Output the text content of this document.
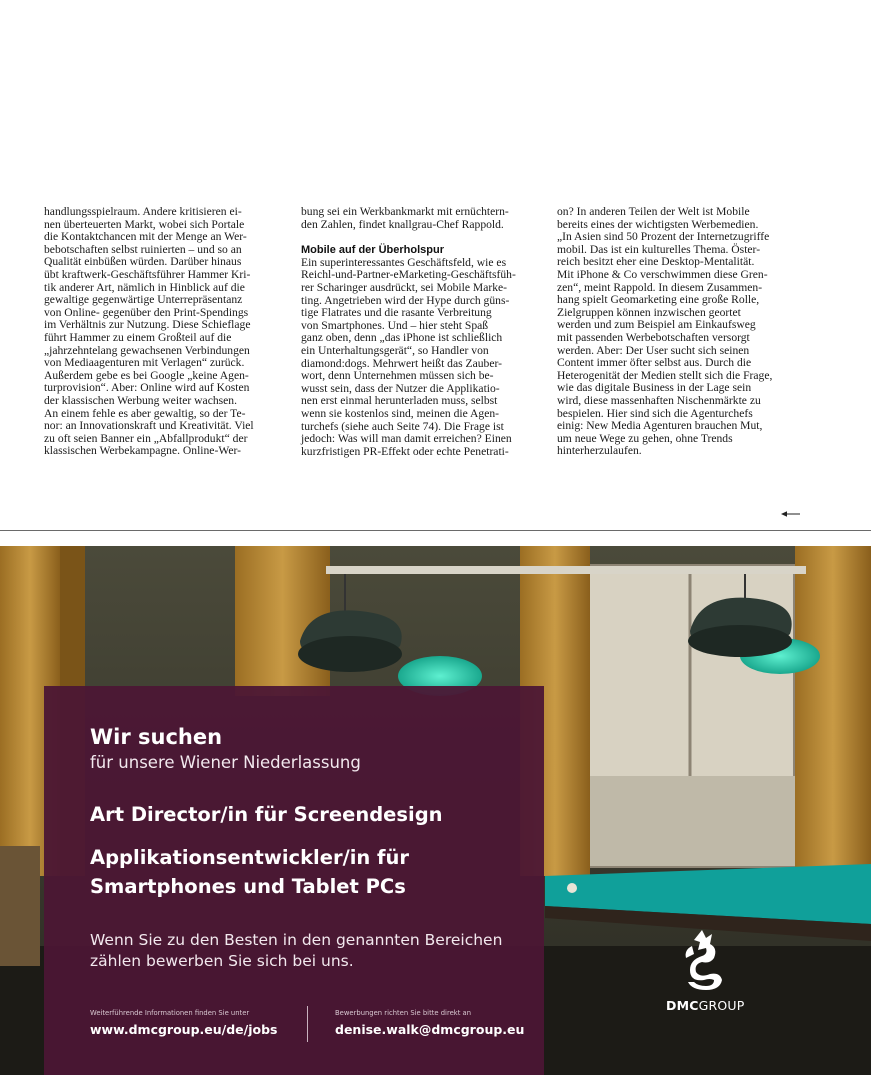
handlungsspielraum. Andere kritisieren ei-
nen überteuerten Markt, wobei sich Portale
die Kontaktchancen mit der Menge an Wer-
bebotschaften selbst ruinierten – und so an
Qualität einbüßen würden. Darüber hinaus
übt kraftwerk-Geschäftsführer Hammer Kri-
tik anderer Art, nämlich in Hinblick auf die
gewaltige gegenwärtige Unterrepräsentanz
von Online- gegenüber den Print-Spendings
im Verhältnis zur Nutzung. Diese Schieflage
führt Hammer zu einem Großteil auf die
„jahrzehntelang gewachsenen Verbindungen
von Mediaagenturen mit Verlagen“ zurück.
Außerdem gebe es bei Google „keine Agen-
turprovision“. Aber: Online wird auf Kosten
der klassischen Werbung weiter wachsen.
An einem fehle es aber gewaltig, so der Te-
nor: an Innovationskraft und Kreativität. Viel
zu oft seien Banner ein „Abfallprodukt“ der
klassischen Werbekampagne. Online-Wer-

bung sei ein Werkbankmarkt mit ernüchtern-
den Zahlen, findet knallgrau-Chef Rappold.

Mobile auf der Überholspur

Ein superinteressantes Geschäftsfeld, wie es
Reichl-und-Partner-eMarketing-Geschäftsfüh-
rer Scharinger ausdrückt, sei Mobile Marke-
ting. Angetrieben wird der Hype durch güns-
tige Flatrates und die rasante Verbreitung
von Smartphones. Und – hier steht Spaß
ganz oben, denn „das iPhone ist schließlich
ein Unterhaltungsgerät“, so Handler von
diamond:dogs. Mehrwert heißt das Zauber-
wort, denn Unternehmen müssen sich be-
wusst sein, dass der Nutzer die Applikatio-
nen erst einmal herunterladen muss, selbst
wenn sie kostenlos sind, meinen die Agen-
turchefs (siehe auch Seite 74). Die Frage ist
jedoch: Was will man damit erreichen? Einen
kurzfristigen PR-Effekt oder echte Penetrati-

on? In anderen Teilen der Welt ist Mobile
bereits eines der wichtigsten Werbemedien.
„In Asien sind 50 Prozent der Internetzugriffe
mobil. Das ist ein kulturelles Thema. Öster-
reich besitzt eher eine Desktop-Mentalität.
Mit iPhone & Co verschwimmen diese Gren-
zen“, meint Rappold. In diesem Zusammen-
hang spielt Geomarketing eine große Rolle,
Zielgruppen können inzwischen geortet
werden und zum Beispiel am Einkaufsweg
mit passenden Werbebotschaften versorgt
werden. Aber: Der User sucht sich seinen
Content immer öfter selbst aus. Durch die
Heterogenität der Medien stellt sich die Frage,
wie das digitale Business in der Lage sein
wird, diese massenhaften Nischenmärkte zu
bespielen. Hier sind sich die Agenturchefs
einig: New Media Agenturen brauchen Mut,
um neue Wege zu gehen, ohne Trends
hinterherzulaufen.

Wir suchen
für unsere Wiener Niederlassung
Art Director/in für Screendesign
Applikationsentwickler/in für Smartphones und Tablet PCs
Wenn Sie zu den Besten in den genannten Bereichen zählen bewerben Sie sich bei uns.
Weiterführende Informationen finden Sie unter
www.dmcgroup.eu/de/jobs
Bewerbungen richten Sie bitte direkt an
denise.walk@dmcgroup.eu
DMCGROUP
